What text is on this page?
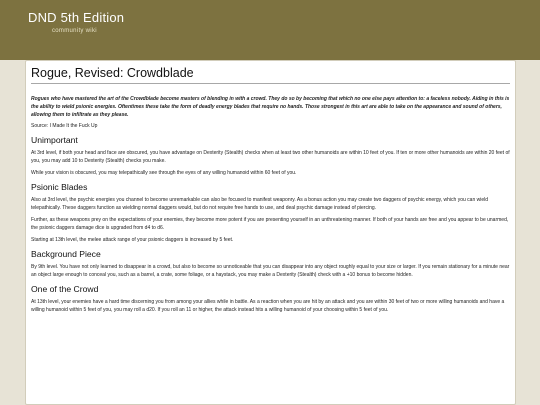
DND 5th Edition
community wiki
Rogue, Revised: Crowdblade

Rogues who have mastered the art of the Crowdblade become masters of blending in with a crowd. They do so by becoming that which no one else pays attention to: a faceless nobody. Aiding in this is the ability to wield psionic energies. Oftentimes these take the form of deadly energy blades that require no hands. Those strongest in this art are able to take on the appearance and sound of others, allowing them to infiltrate as they please.

Source: I Made It the Fuck Up

Unimportant

At 3rd level, if both your head and face are obscured, you have advantage on Dexterity (Stealth) checks when at least two other humanoids are within 10 feet of you. If ten or more other humanoids are within 20 feet of you, you may add 10 to Dexterity (Stealth) checks you make.

While your vision is obscured, you may telepathically see through the eyes of any willing humanoid within 60 feet of you.

Psionic Blades

Also at 3rd level, the psychic energies you channel to become unremarkable can also be focused to manifest weaponry. As a bonus action you may create two daggers of psychic energy, which you can wield telepathically. These daggers function as wielding normal daggers would, but do not require free hands to use, and deal psychic damage instead of piercing.

Further, as these weapons prey on the expectations of your enemies, they become more potent if you are presenting yourself in an unthreatening manner. If both of your hands are free and you appear to be unarmed, the psionic daggers damage dice is upgraded from d4 to d6.

Starting at 13th level, the melee attack range of your psionic daggers is increased by 5 feet.

Background Piece

By 9th level. You have not only learned to disappear in a crowd, but also to become so unnoticeable that you can disappear into any object roughly equal to your size or larger. If you remain stationary for a minute near an object large enough to conceal you, such as a barrel, a crate, some foliage, or a haystack, you may make a Dexterity (Stealth) check with a +10 bonus to become hidden.

One of the Crowd

At 13th level, your enemies have a hard time discerning you from among your allies while in battle. As a reaction when you are hit by an attack and you are within 30 feet of two or more willing humanoids and have a willing humanoid within 5 feet of you, you may roll a d20. If you roll an 11 or higher, the attack instead hits a willing humanoid of your choosing within 5 feet of you.
